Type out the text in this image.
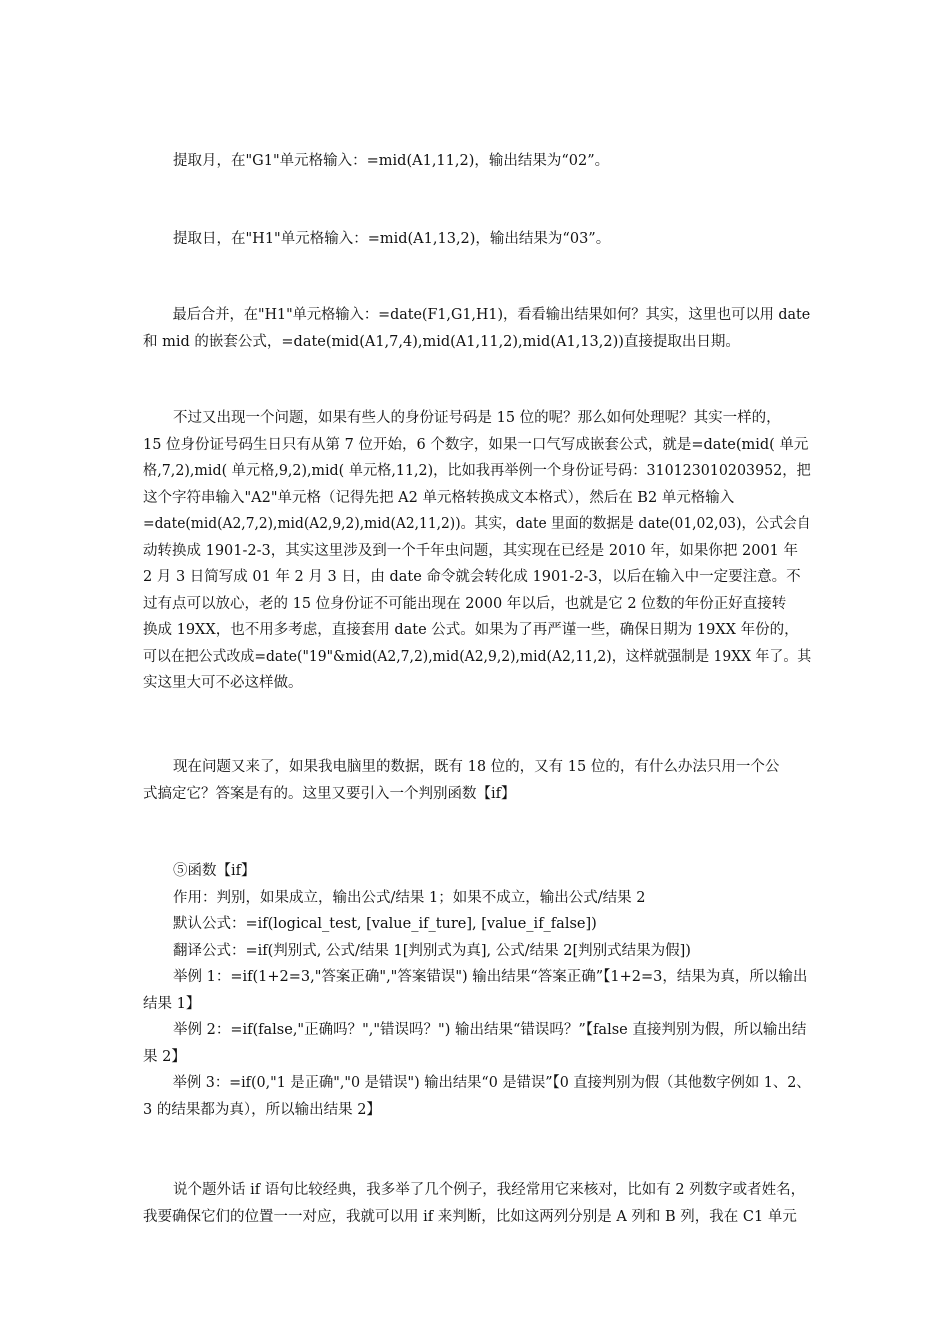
提取月，在"G1"单元格输入：=mid(A1,11,2)，输出结果为“02”。
提取日，在"H1"单元格输入：=mid(A1,13,2)，输出结果为“03”。
最后合并，在"H1"单元格输入：=date(F1,G1,H1)，看看输出结果如何？其实，这里也可以用 date
和 mid 的嵌套公式，=date(mid(A1,7,4),mid(A1,11,2),mid(A1,13,2))直接提取出日期。
不过又出现一个问题，如果有些人的身份证号码是 15 位的呢？那么如何处理呢？其实一样的，
15 位身份证号码生日只有从第 7 位开始，6 个数字，如果一口气写成嵌套公式，就是=date(mid( 单元
格,7,2),mid( 单元格,9,2),mid( 单元格,11,2)，比如我再举例一个身份证号码：310123010203952，把
这个字符串输入"A2"单元格（记得先把 A2 单元格转换成文本格式），然后在 B2 单元格输入
=date(mid(A2,7,2),mid(A2,9,2),mid(A2,11,2))。其实，date 里面的数据是 date(01,02,03)，公式会自
动转换成 1901-2-3，其实这里涉及到一个千年虫问题，其实现在已经是 2010 年，如果你把 2001 年
2 月 3 日简写成 01 年 2 月 3 日，由 date 命令就会转化成 1901-2-3，以后在输入中一定要注意。不
过有点可以放心，老的 15 位身份证不可能出现在 2000 年以后，也就是它 2 位数的年份正好直接转
换成 19XX，也不用多考虑，直接套用 date 公式。如果为了再严谨一些，确保日期为 19XX 年份的，
可以在把公式改成=date("19"&mid(A2,7,2),mid(A2,9,2),mid(A2,11,2)，这样就强制是 19XX 年了。其
实这里大可不必这样做。
现在问题又来了，如果我电脑里的数据，既有 18 位的，又有 15 位的，有什么办法只用一个公
式搞定它？答案是有的。这里又要引入一个判别函数【if】
⑤函数【if】
作用：判别，如果成立，输出公式/结果 1；如果不成立，输出公式/结果 2
默认公式：=if(logical_test, [value_if_ture], [value_if_false])
翻译公式：=if(判别式, 公式/结果 1[判别式为真], 公式/结果 2[判别式结果为假])
举例 1：=if(1+2=3,"答案正确","答案错误") 输出结果“答案正确”【1+2=3，结果为真，所以输出
结果 1】
举例 2：=if(false,"正确吗？","错误吗？") 输出结果“错误吗？”【false 直接判别为假，所以输出结
果 2】
举例 3：=if(0,"1 是正确","0 是错误") 输出结果“0 是错误”【0 直接判别为假（其他数字例如 1、2、
3 的结果都为真），所以输出结果 2】
说个题外话 if 语句比较经典，我多举了几个例子，我经常用它来核对，比如有 2 列数字或者姓名，
我要确保它们的位置一一对应，我就可以用 if 来判断，比如这两列分别是 A 列和 B 列，我在 C1 单元
